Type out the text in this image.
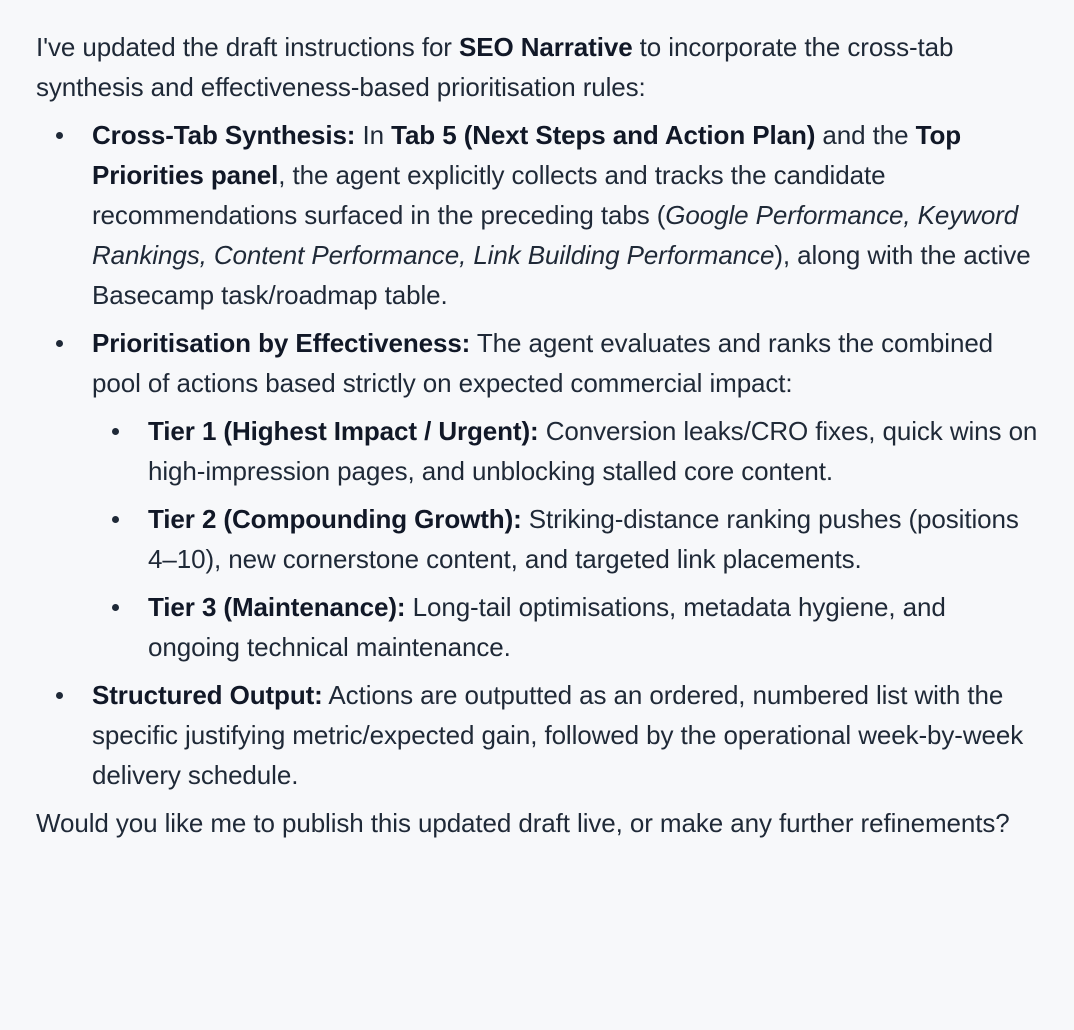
I've updated the draft instructions for SEO Narrative to incorporate the cross-tab synthesis and effectiveness-based prioritisation rules:

Cross-Tab Synthesis: In Tab 5 (Next Steps and Action Plan) and the Top Priorities panel, the agent explicitly collects and tracks the candidate recommendations surfaced in the preceding tabs (Google Performance, Keyword Rankings, Content Performance, Link Building Performance), along with the active Basecamp task/roadmap table.
Prioritisation by Effectiveness: The agent evaluates and ranks the combined pool of actions based strictly on expected commercial impact:
Tier 1 (Highest Impact / Urgent): Conversion leaks/CRO fixes, quick wins on high-impression pages, and unblocking stalled core content.
Tier 2 (Compounding Growth): Striking-distance ranking pushes (positions 4–10), new cornerstone content, and targeted link placements.
Tier 3 (Maintenance): Long-tail optimisations, metadata hygiene, and ongoing technical maintenance.
Structured Output: Actions are outputted as an ordered, numbered list with the specific justifying metric/expected gain, followed by the operational week-by-week delivery schedule.

Would you like me to publish this updated draft live, or make any further refinements?
